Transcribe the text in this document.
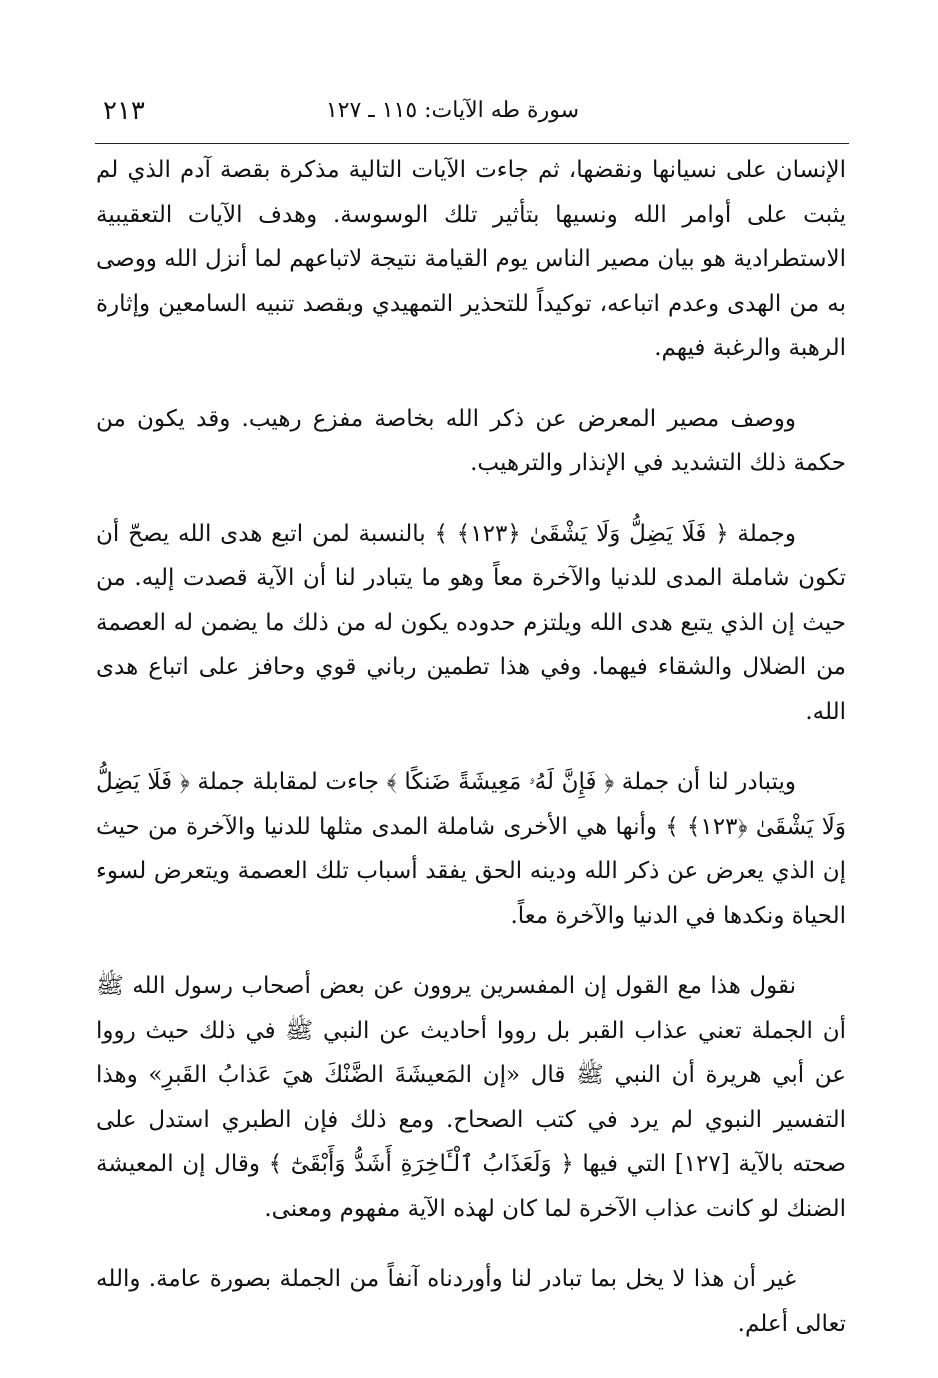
سورة طه الآيات: ١١٥ ـ ١٢٧
٢١٣

الإنسان على نسيانها ونقضها، ثم جاءت الآيات التالية مذكرة بقصة آدم الذي لم يثبت على أوامر الله ونسيها بتأثير تلك الوسوسة. وهدف الآيات التعقيبية الاستطرادية هو بيان مصير الناس يوم القيامة نتيجة لاتباعهم لما أنزل الله ووصى به من الهدى وعدم اتباعه، توكيداً للتحذير التمهيدي وبقصد تنبيه السامعين وإثارة الرهبة والرغبة فيهم.

ووصف مصير المعرض عن ذكر الله بخاصة مفزع رهيب. وقد يكون من حكمة ذلك التشديد في الإنذار والترهيب.

وجملة ﴿ فَلَا يَضِلُّ وَلَا يَشْقَىٰ ﴿١٢٣﴾ ﴾ بالنسبة لمن اتبع هدى الله يصحّ أن تكون شاملة المدى للدنيا والآخرة معاً وهو ما يتبادر لنا أن الآية قصدت إليه. من حيث إن الذي يتبع هدى الله ويلتزم حدوده يكون له من ذلك ما يضمن له العصمة من الضلال والشقاء فيهما. وفي هذا تطمين رباني قوي وحافز على اتباع هدى الله.

ويتبادر لنا أن جملة ﴿ فَإِنَّ لَهُۥ مَعِيشَةً ضَنكًا ﴾ جاءت لمقابلة جملة ﴿ فَلَا يَضِلُّ وَلَا يَشْقَىٰ ﴿١٢٣﴾ ﴾ وأنها هي الأخرى شاملة المدى مثلها للدنيا والآخرة من حيث إن الذي يعرض عن ذكر الله ودينه الحق يفقد أسباب تلك العصمة ويتعرض لسوء الحياة ونكدها في الدنيا والآخرة معاً.

نقول هذا مع القول إن المفسرين يروون عن بعض أصحاب رسول الله ﷺ أن الجملة تعني عذاب القبر بل رووا أحاديث عن النبي ﷺ في ذلك حيث رووا عن أبي هريرة أن النبي ﷺ قال «إن المَعيشَةَ الضَّنْكَ هيَ عَذابُ القَبرِ» وهذا التفسير النبوي لم يرد في كتب الصحاح. ومع ذلك فإن الطبري استدل على صحته بالآية [١٢٧] التي فيها ﴿ وَلَعَذَابُ ٱلْـَٔاخِرَةِ أَشَدُّ وَأَبْقَىٰٓ ﴾ وقال إن المعيشة الضنك لو كانت عذاب الآخرة لما كان لهذه الآية مفهوم ومعنى.

غير أن هذا لا يخل بما تبادر لنا وأوردناه آنفاً من الجملة بصورة عامة. والله تعالى أعلم.
